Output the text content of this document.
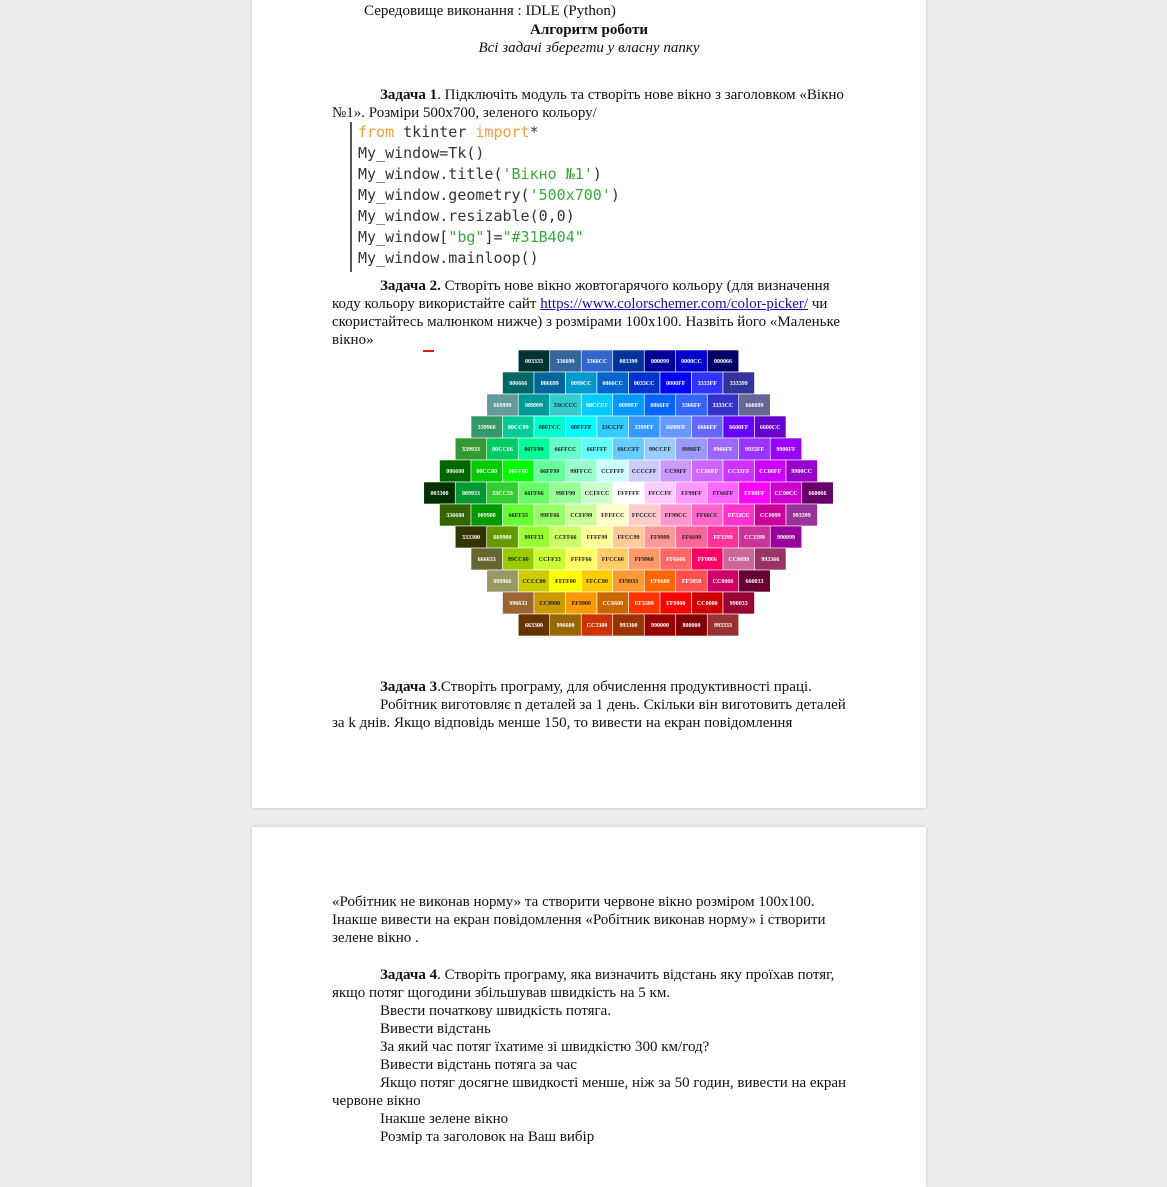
Середовище виконання : IDLE (Python)
Алгоритм роботи
Всі задачі зберегти у власну папку
Задача 1. Підключіть модуль та створіть нове вікно з заголовком «Вікно
№1». Розміри 500х700, зеленого кольору/
from tkinter import*
My_window=Tk()
My_window.title('Вікно №1')
My_window.geometry('500x700')
My_window.resizable(0,0)
My_window["bg"]="#31B404"
My_window.mainloop()
Задача 2. Створіть нове вікно жовтогарячого кольору (для визначення
коду кольору використайте сайт https://www.colorschemer.com/color-picker/ чи
скористайтесь малюнком нижче) з розмірами 100х100. Назвіть його «Маленьке
вікно»
003333 336699 3366CC 003399 000099 0000CC 000066
006666 006699 0099CC 0066CC 0033CC 0000FF 3333FF 333399
669999 009999 33CCCC 00CCFF 0099FF 0066FF 3366FF 3333CC 666699
339966 00CC99 00FFCC 00FFFF 33CCFF 3399FF 6699FF 6666FF 6600FF 6600CC
339933 00CC66 00FF99 66FFCC 66FFFF 66CCFF 99CCFF 9999FF 9966FF 9933FF 9900FF
006600 00CC00 00FF00 66FF99 99FFCC CCFFFF CCCCFF CC99FF CC66FF CC33FF CC00FF 9900CC
003300 009933 33CC33 66FF66 99FF99 CCFFCC FFFFFF FFCCFF FF99FF FF66FF FF00FF CC00CC 660066
336600 009900 66FF33 99FF66 CCFF99 FFFFCC FFCCCC FF99CC FF66CC FF33CC CC0099 993399
333300 669900 99FF33 CCFF66 FFFF99 FFCC99 FF9999 FF6699 FF3399 CC3399 990099
666633 99CC00 CCFF33 FFFF66 FFCC66 FF9966 FF6666 FF0066 CC6699 993366
999966 CCCC00 FFFF00 FFCC00 FF9933 FF6600 FF5050 CC0066 660033
996633 CC9900 FF9900 CC6600 FF3300 FF0000 CC0000 990033
663300 996600 CC3300 993300 990000 800000 993333
Задача 3.Створіть програму, для обчислення продуктивності праці.
Робітник виготовляє n деталей за 1 день. Скільки він виготовить деталей
за k днів. Якщо відповідь менше 150, то вивести на екран повідомлення
«Робітник не виконав норму» та створити червоне вікно розміром 100х100.
Інакше вивести на екран повідомлення «Робітник виконав норму» і створити
зелене вікно .
Задача 4. Створіть програму, яка визначить відстань яку проїхав потяг,
якщо потяг щогодини збільшував швидкість на 5 км.
Ввести початкову швидкість потяга.
Вивести відстань
За який час потяг їхатиме зі швидкістю 300 км/год?
Вивести відстань потяга за час
Якщо потяг досягне швидкості менше, ніж за 50 годин, вивести на екран
червоне вікно
Інакше зелене вікно
Розмір та заголовок на Ваш вибір
